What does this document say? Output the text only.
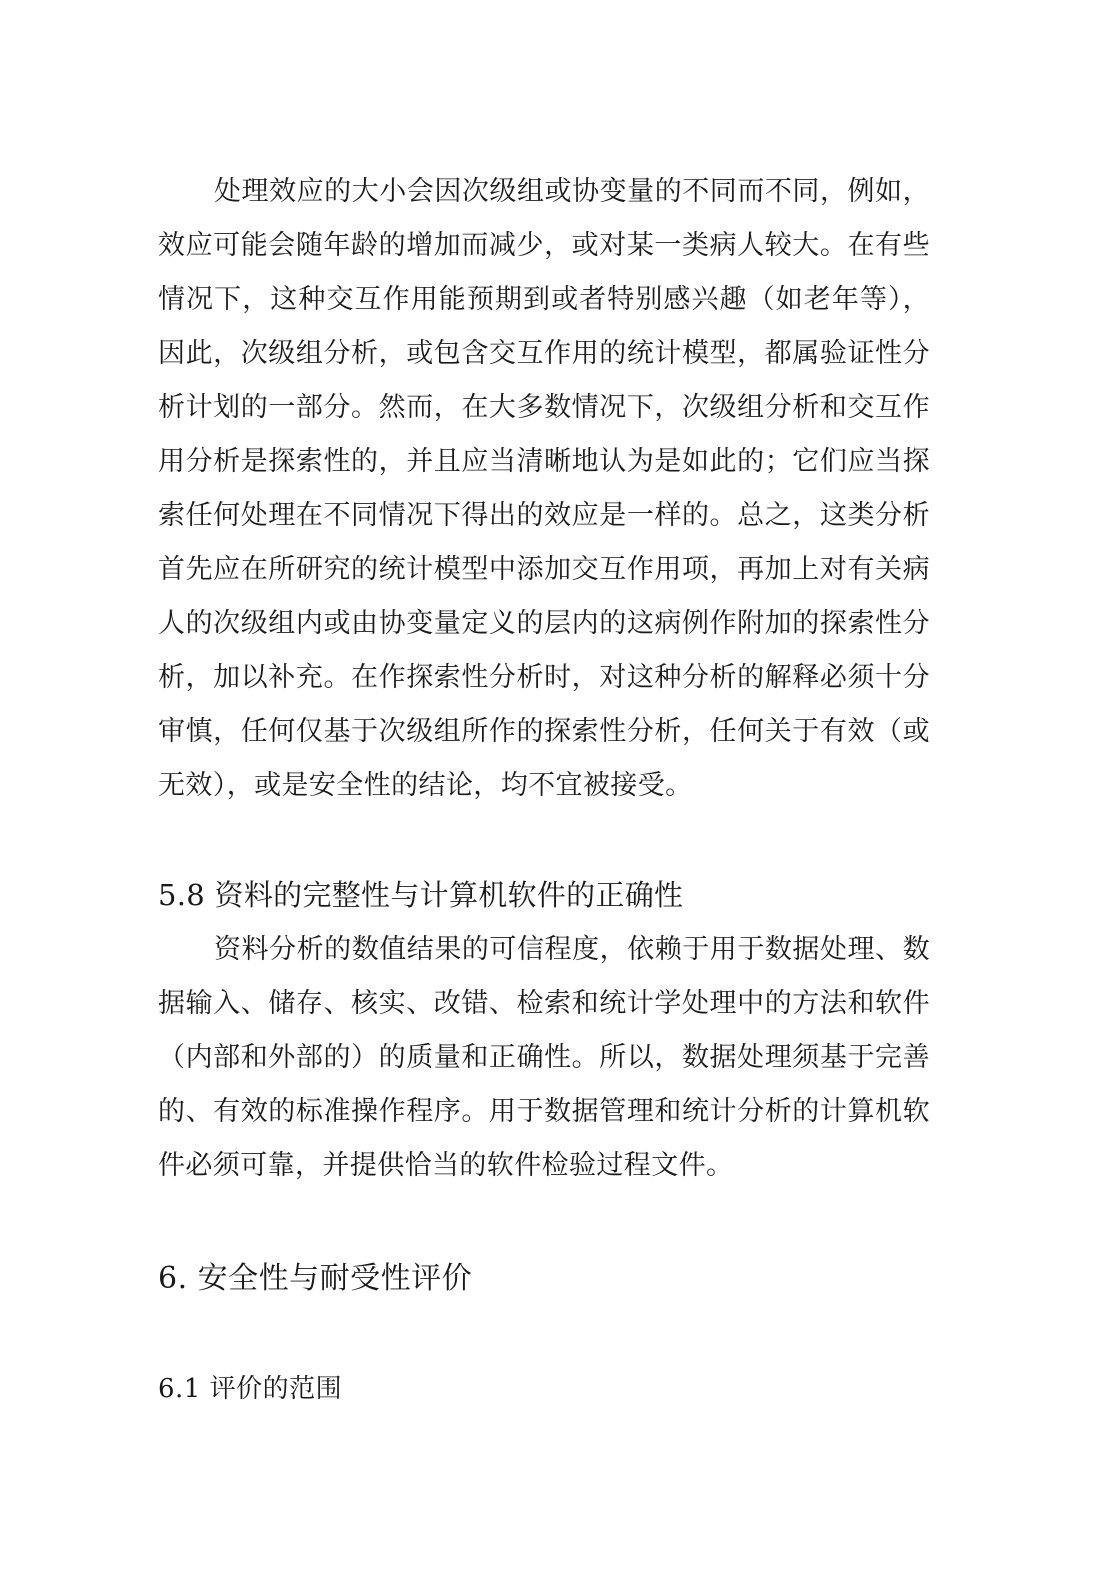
处理效应的大小会因次级组或协变量的不同而不同，例如，效应可能会随年龄的增加而减少，或对某一类病人较大。在有些情况下，这种交互作用能预期到或者特别感兴趣（如老年等），因此，次级组分析，或包含交互作用的统计模型，都属验证性分析计划的一部分。然而，在大多数情况下，次级组分析和交互作用分析是探索性的，并且应当清晰地认为是如此的；它们应当探索任何处理在不同情况下得出的效应是一样的。总之，这类分析首先应在所研究的统计模型中添加交互作用项，再加上对有关病人的次级组内或由协变量定义的层内的这病例作附加的探索性分析，加以补充。在作探索性分析时，对这种分析的解释必须十分审慎，任何仅基于次级组所作的探索性分析，任何关于有效（或无效），或是安全性的结论，均不宜被接受。

5.8 资料的完整性与计算机软件的正确性

资料分析的数值结果的可信程度，依赖于用于数据处理、数据输入、储存、核实、改错、检索和统计学处理中的方法和软件（内部和外部的）的质量和正确性。所以，数据处理须基于完善的、有效的标准操作程序。用于数据管理和统计分析的计算机软件必须可靠，并提供恰当的软件检验过程文件。

6. 安全性与耐受性评价
6.1 评价的范围
